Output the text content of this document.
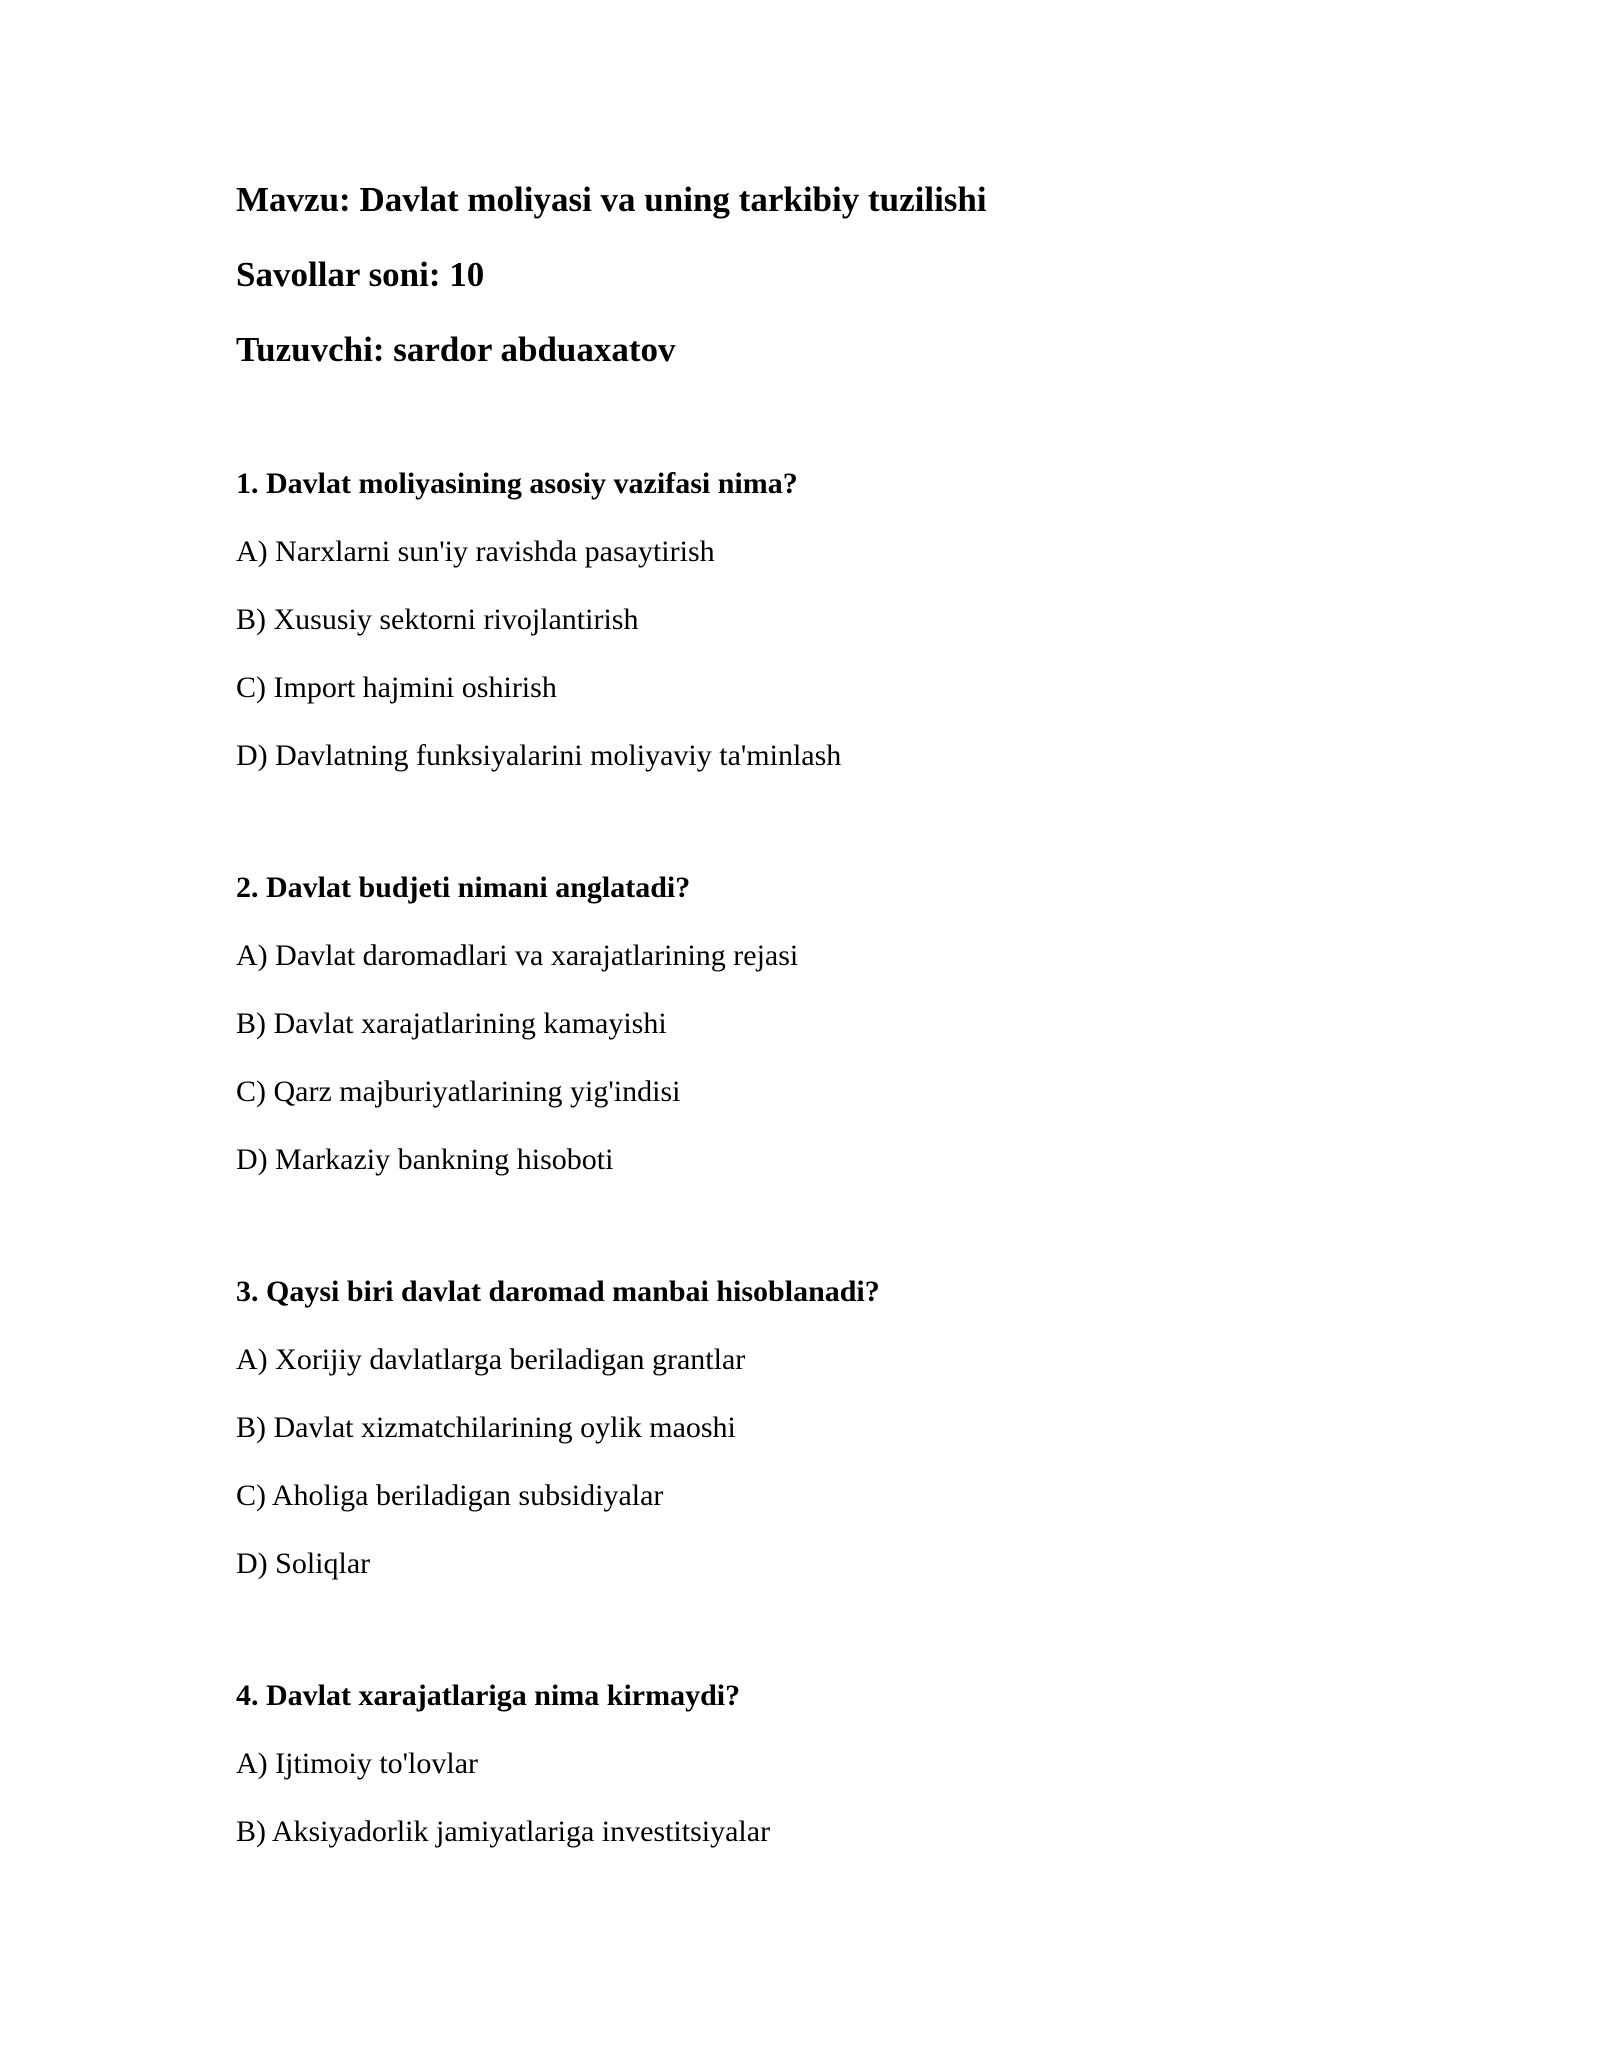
Mavzu: Davlat moliyasi va uning tarkibiy tuzilishi
Savollar soni: 10
Tuzuvchi: sardor abduaxatov
1. Davlat moliyasining asosiy vazifasi nima?
A) Narxlarni sun'iy ravishda pasaytirish
B) Xususiy sektorni rivojlantirish
C) Import hajmini oshirish
D) Davlatning funksiyalarini moliyaviy ta'minlash
2. Davlat budjeti nimani anglatadi?
A) Davlat daromadlari va xarajatlarining rejasi
B) Davlat xarajatlarining kamayishi
C) Qarz majburiyatlarining yig'indisi
D) Markaziy bankning hisoboti
3. Qaysi biri davlat daromad manbai hisoblanadi?
A) Xorijiy davlatlarga beriladigan grantlar
B) Davlat xizmatchilarining oylik maoshi
C) Aholiga beriladigan subsidiyalar
D) Soliqlar
4. Davlat xarajatlariga nima kirmaydi?
A) Ijtimoiy to'lovlar
B) Aksiyadorlik jamiyatlariga investitsiyalar
